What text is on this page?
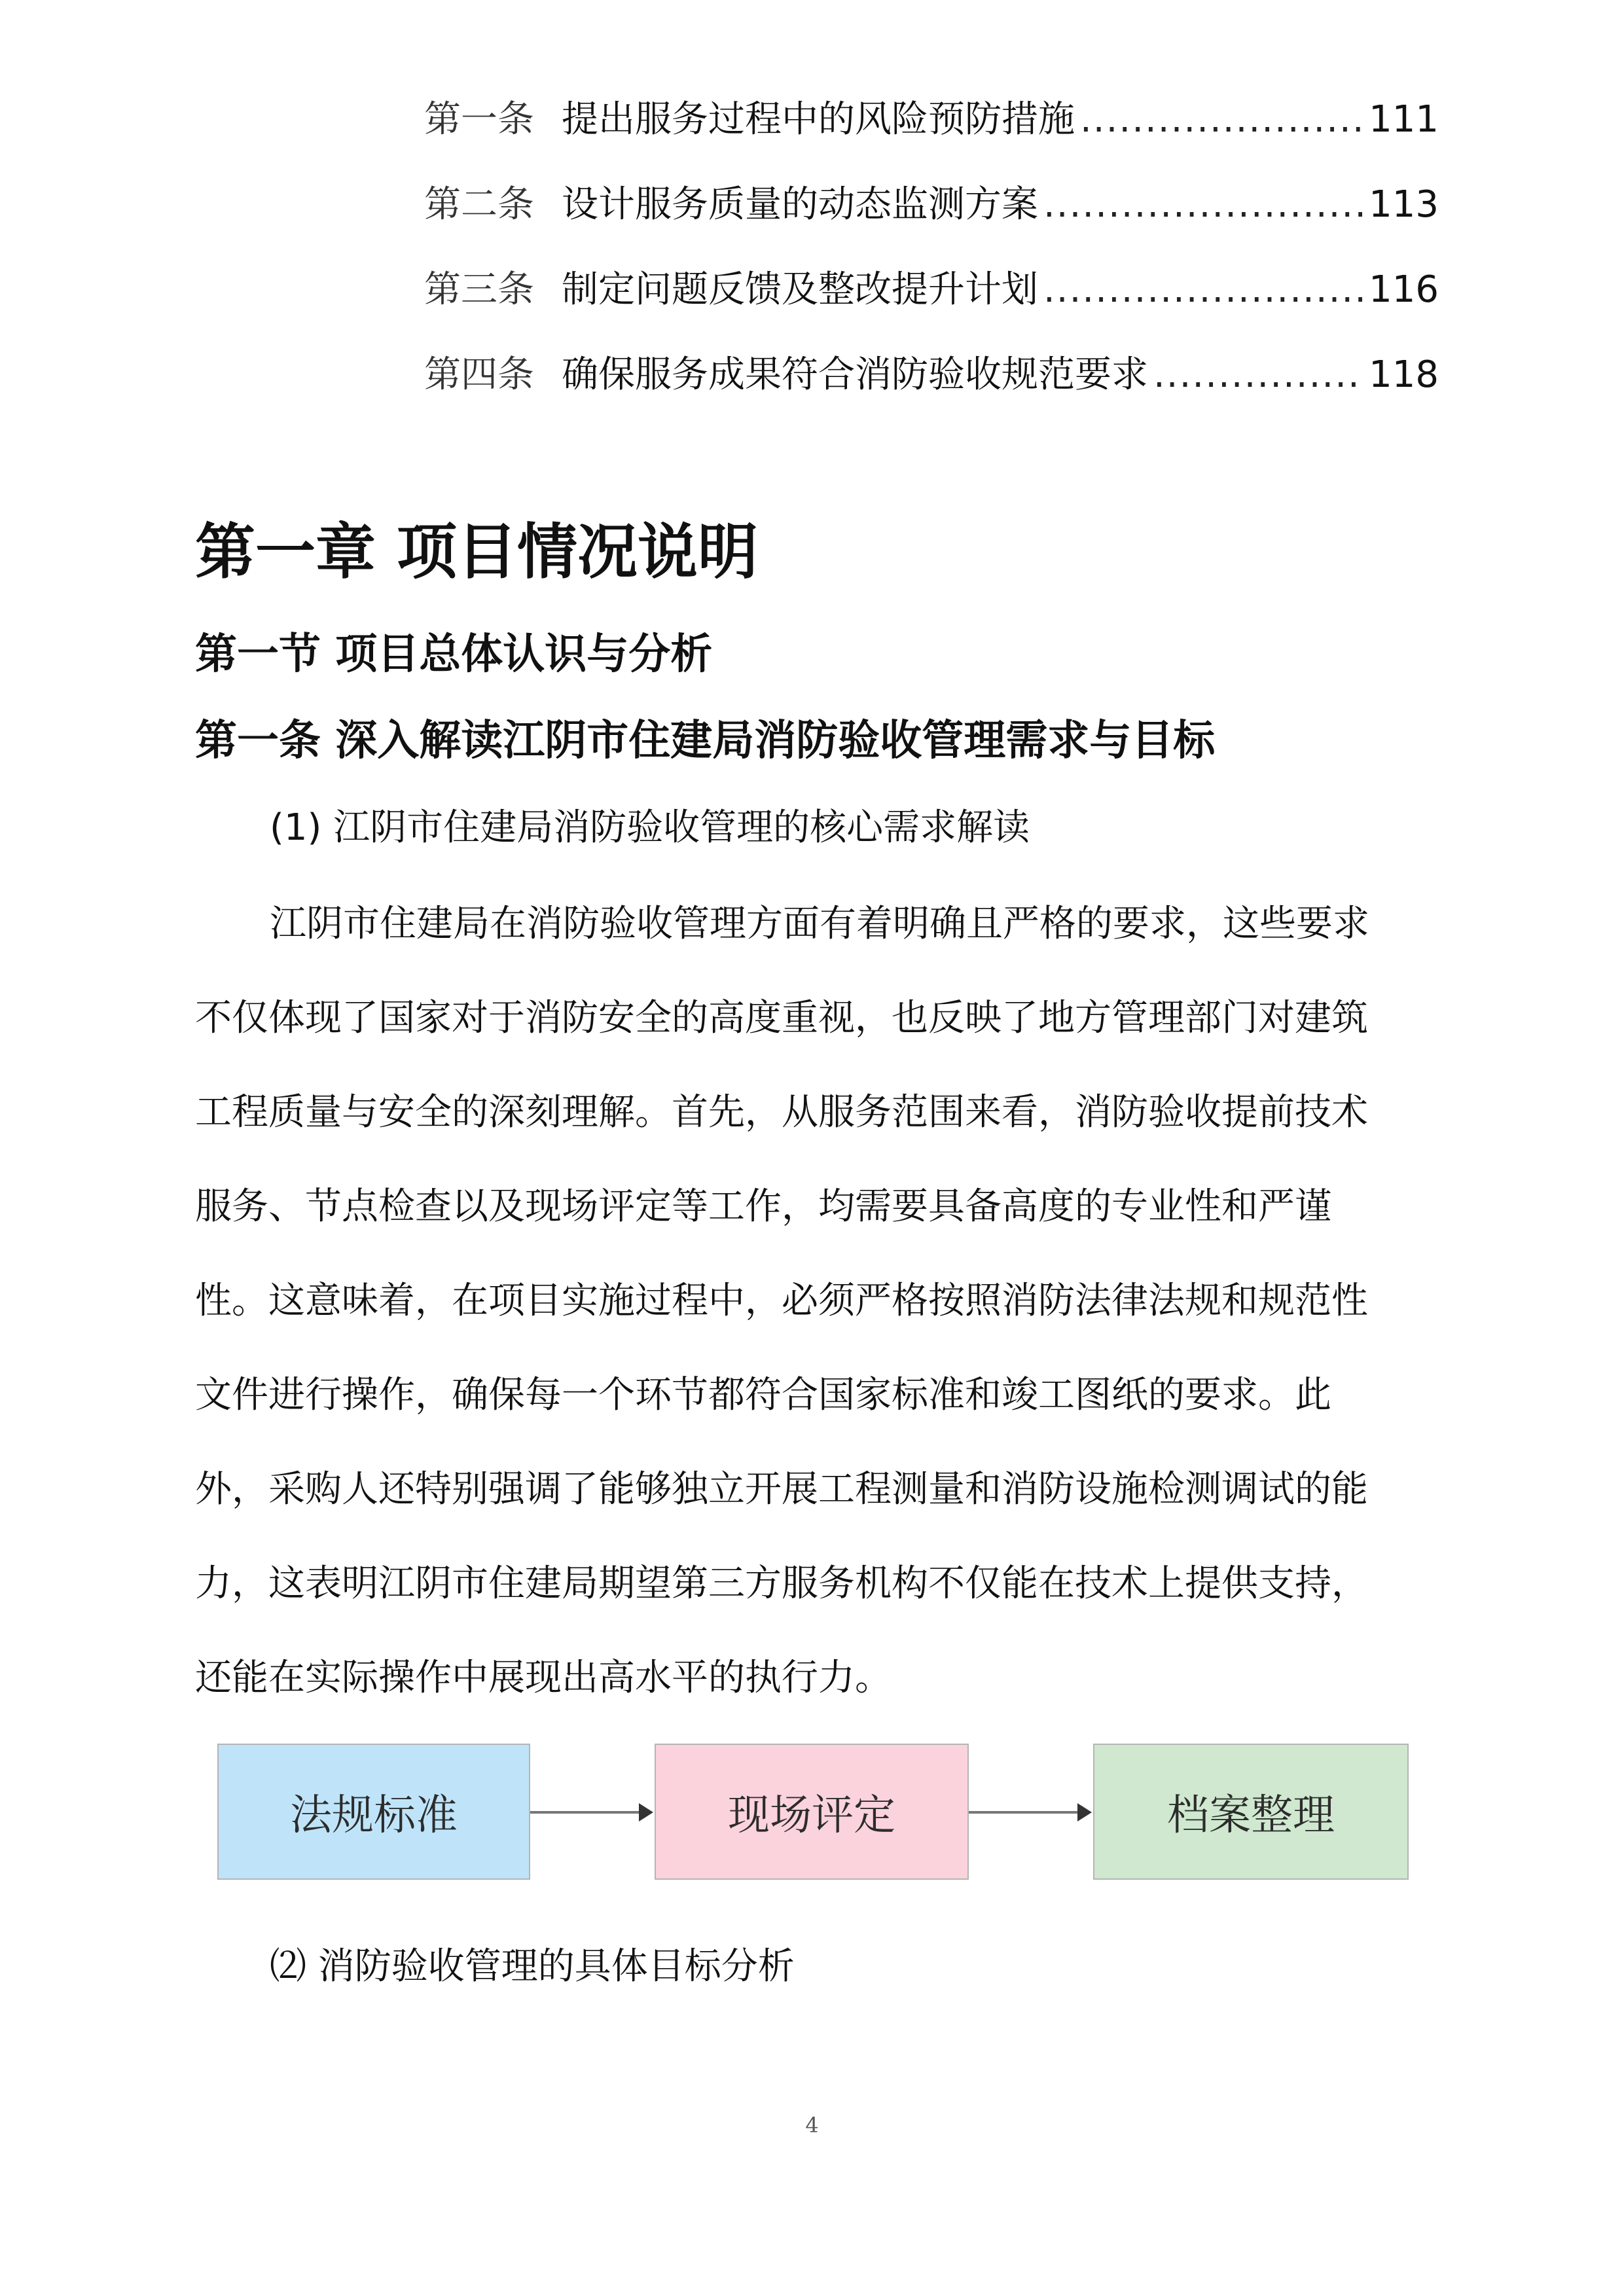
第一条 提出服务过程中的风险预防措施 .....	111
第二条 设计服务质量的动态监测方案 .....	113
第三条 制定问题反馈及整改提升计划 .....	116
第四条 确保服务成果符合消防验收规范要求 .....	118
第一章 项目情况说明
第一节 项目总体认识与分析
第一条 深入解读江阴市住建局消防验收管理需求与目标
(1) 江阴市住建局消防验收管理的核心需求解读
江阴市住建局在消防验收管理方面有着明确且严格的要求，这些要求
不仅体现了国家对于消防安全的高度重视，也反映了地方管理部门对建筑
工程质量与安全的深刻理解。首先，从服务范围来看，消防验收提前技术
服务、节点检查以及现场评定等工作，均需要具备高度的专业性和严谨
性。这意味着，在项目实施过程中，必须严格按照消防法律法规和规范性
文件进行操作，确保每一个环节都符合国家标准和竣工图纸的要求。此
外，采购人还特别强调了能够独立开展工程测量和消防设施检测调试的能
力，这表明江阴市住建局期望第三方服务机构不仅能在技术上提供支持，
还能在实际操作中展现出高水平的执行力。
法规标准	现场评定	档案整理
⑵ 消防验收管理的具体目标分析
4
